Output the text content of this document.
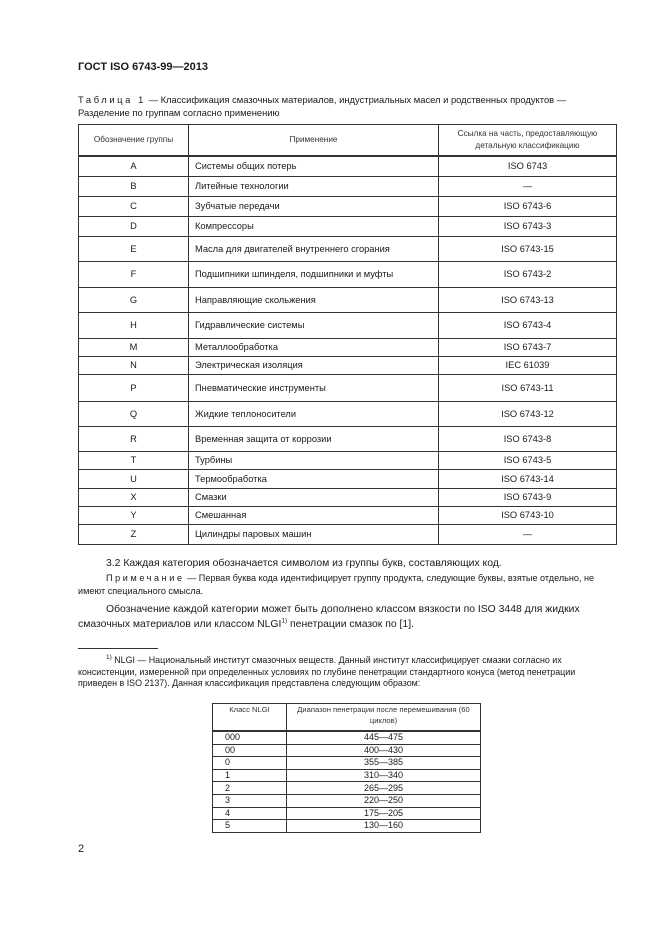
ГОСТ ISO 6743-99—2013
Таблица 1 — Классификация смазочных материалов, индустриальных масел и родственных продуктов — Разделение по группам согласно применению
Обозначение группы	Применение	Ссылка на часть, предоставляющую детальную классификацию
A	Системы общих потерь	ISO 6743
B	Литейные технологии	—
C	Зубчатые передачи	ISO 6743-6
D	Компрессоры	ISO 6743-3
E	Масла для двигателей внутреннего сгорания	ISO 6743-15
F	Подшипники шпинделя, подшипники и муфты	ISO 6743-2
G	Направляющие скольжения	ISO 6743-13
H	Гидравлические системы	ISO 6743-4
M	Металлообработка	ISO 6743-7
N	Электрическая изоляция	IEC 61039
P	Пневматические инструменты	ISO 6743-11
Q	Жидкие теплоносители	ISO 6743-12
R	Временная защита от коррозии	ISO 6743-8
T	Турбины	ISO 6743-5
U	Термообработка	ISO 6743-14
X	Смазки	ISO 6743-9
Y	Смешанная	ISO 6743-10
Z	Цилиндры паровых машин	—
3.2 Каждая категория обозначается символом из группы букв, составляющих код.
Примечание — Первая буква кода идентифицирует группу продукта, следующие буквы, взятые отдельно, не имеют специального смысла.
Обозначение каждой категории может быть дополнено классом вязкости по ISO 3448 для жидких смазочных материалов или классом NLGI$^{1)}$ пенетрации смазок по [1].
$^{1)}$ NLGI — Национальный институт смазочных веществ. Данный институт классифицирует смазки согласно их консистенции, измеренной при определенных условиях по глубине пенетрации стандартного конуса (метод пенетрации приведен в ISO 2137). Данная классификация представлена следующим образом:
Класс NLGI	Диапазон пенетрации после перемешивания (60 циклов)
000	445—475
00	400—430
0	355—385
1	310—340
2	265—295
3	220—250
4	175—205
5	130—160
2
